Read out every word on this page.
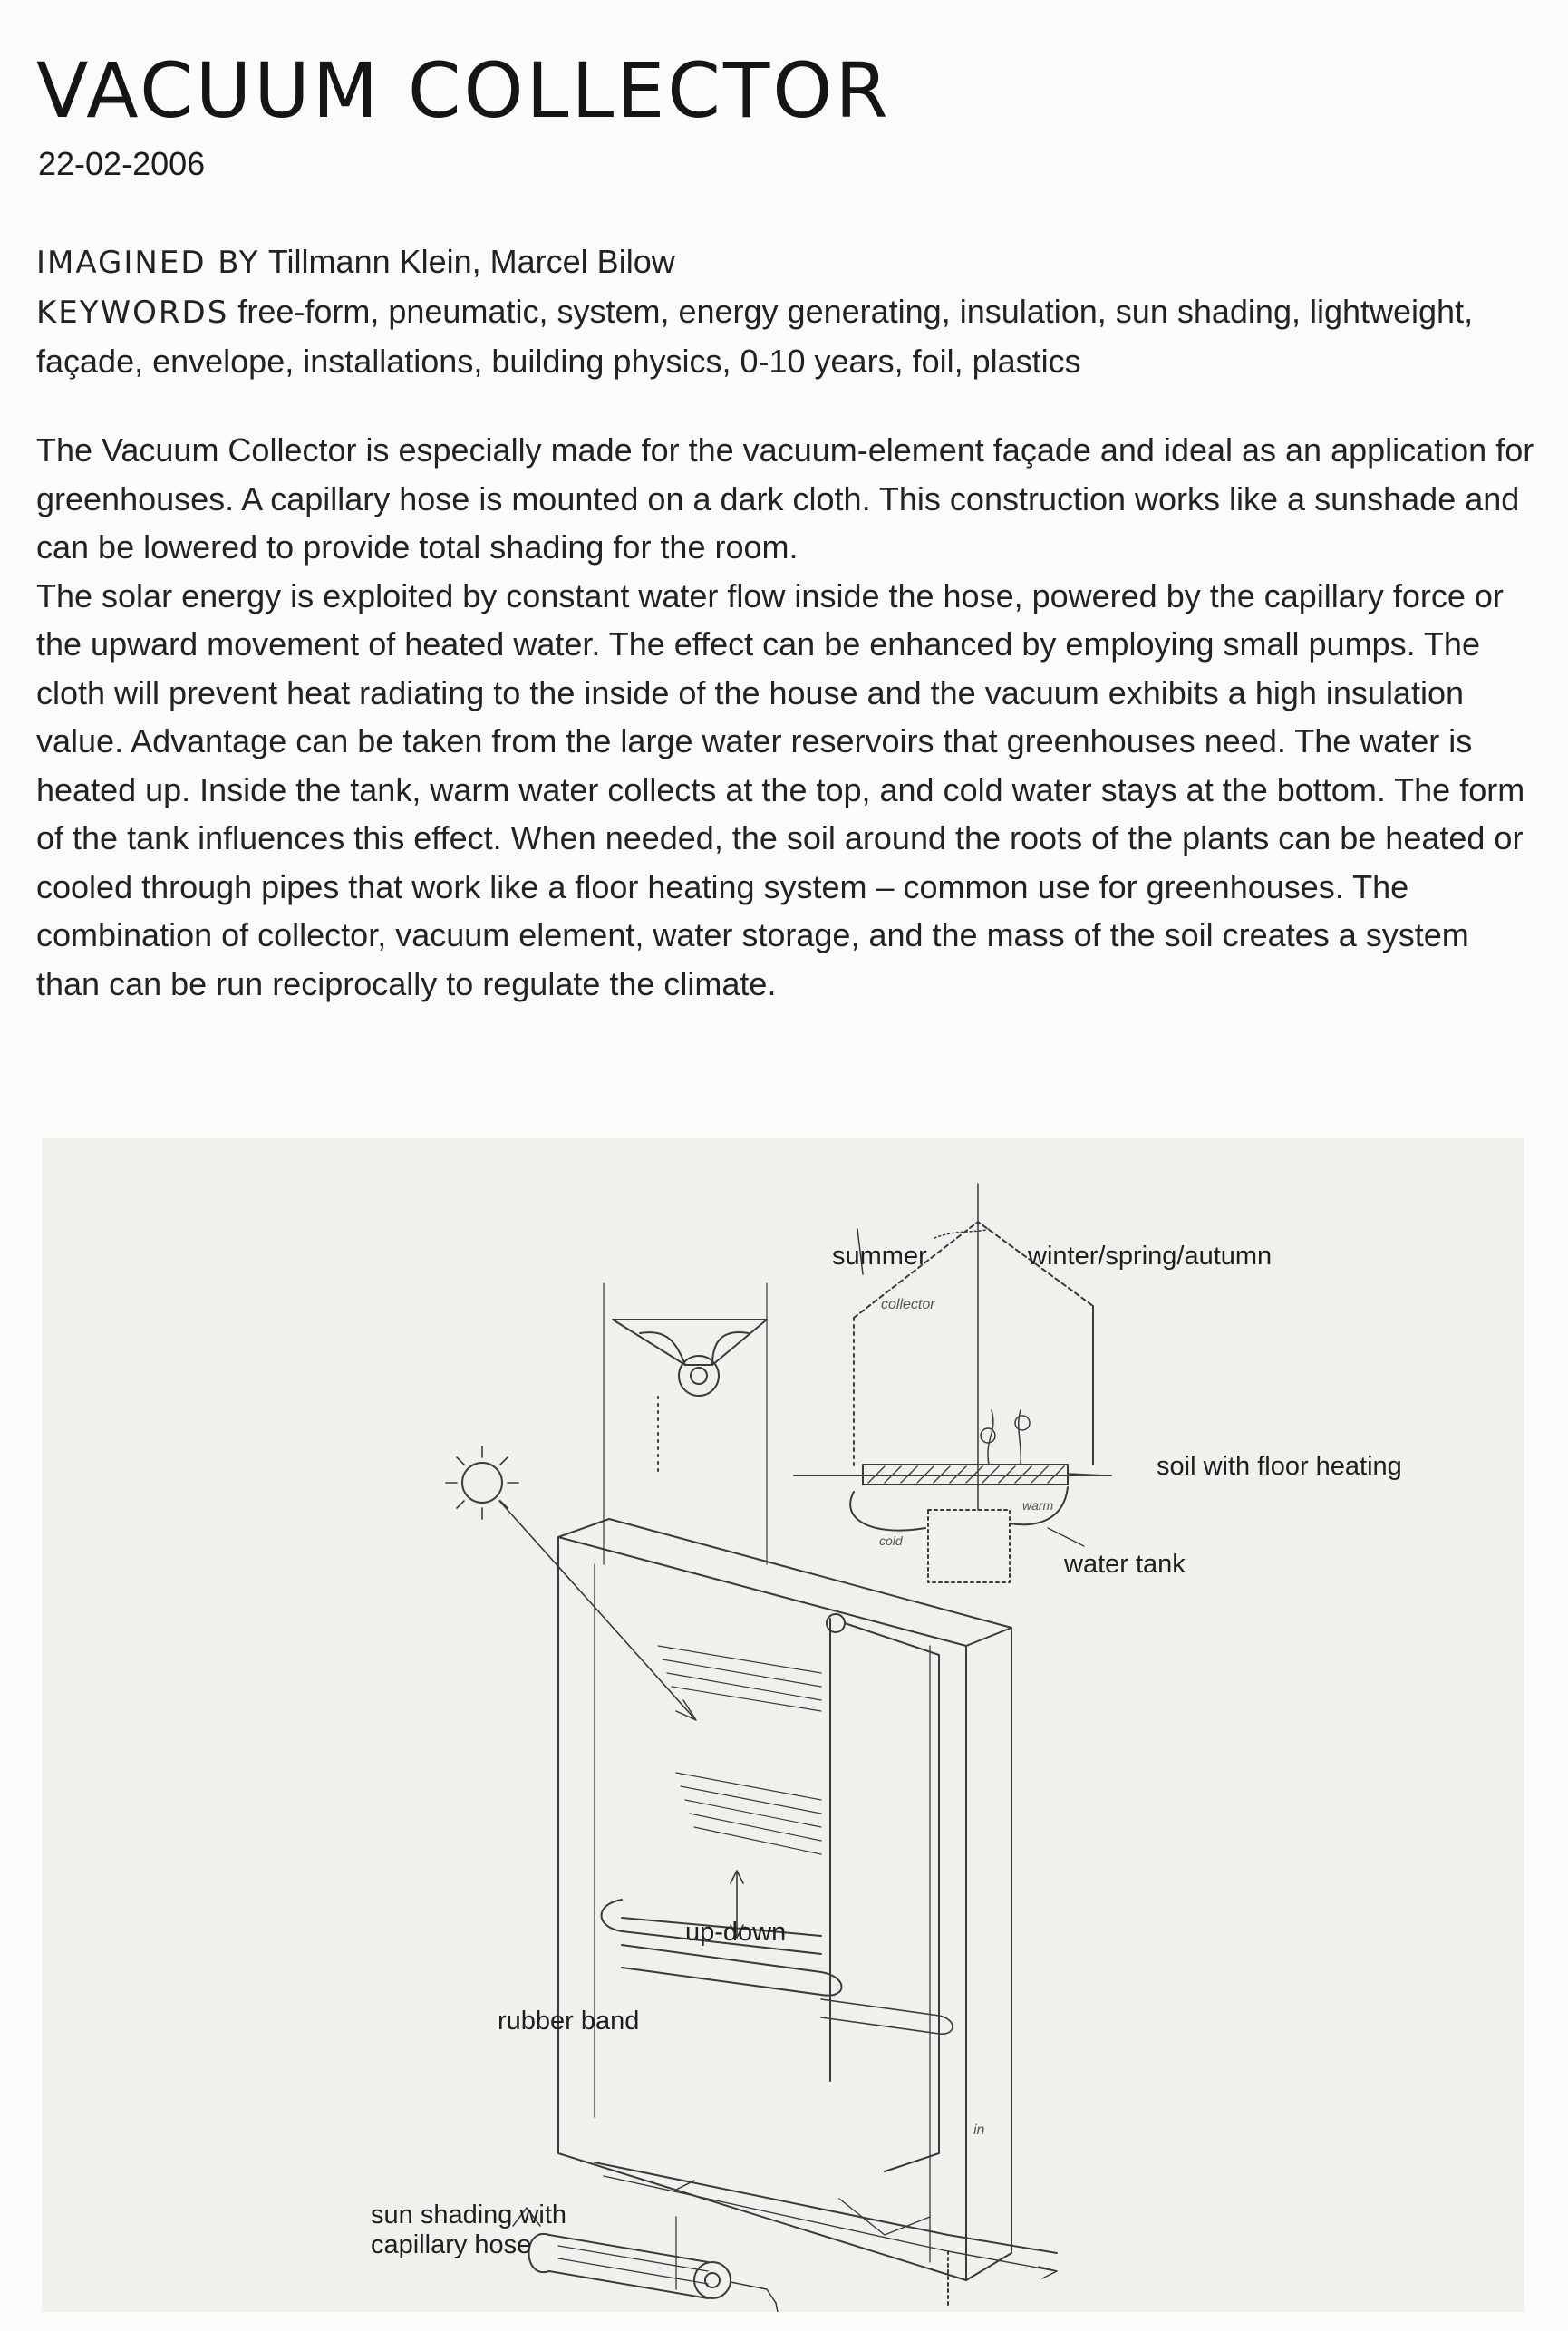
VACUUM COLLECTOR
22-02-2006

IMAGINED BY Tillmann Klein, Marcel Bilow

KEYWORDS free-form, pneumatic, system, energy generating, insulation, sun shading, lightweight, façade, envelope, installations, building physics, 0-10 years, foil, plastics

The Vacuum Collector is especially made for the vacuum-element façade and ideal as an application for greenhouses. A capillary hose is mounted on a dark cloth. This construction works like a sunshade and can be lowered to provide total shading for the room.

The solar energy is exploited by constant water flow inside the hose, powered by the capillary force or the upward movement of heated water. The effect can be enhanced by employing small pumps. The cloth will prevent heat radiating to the inside of the house and the vacuum exhibits a high insulation value. Advantage can be taken from the large water reservoirs that greenhouses need. The water is heated up. Inside the tank, warm water collects at the top, and cold water stays at the bottom. The form of the tank influences this effect. When needed, the soil around the roots of the plants can be heated or cooled through pipes that work like a floor heating system – common use for greenhouses. The combination of collector, vacuum element, water storage, and the mass of the soil creates a system than can be run reciprocally to regulate the climate.

summer	winter/spring/autumn
soil with floor heating
water tank
up-down
rubber band
sun shading with
capillary hose
collector
warm
cold
in
